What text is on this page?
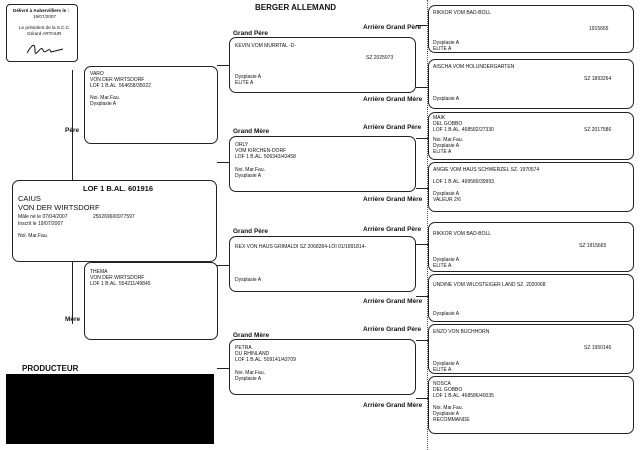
Délivré à Aubervilliers le :
19/07/2007
Le président de la S.C.C.
Gérard ARTHUR
BERGER ALLEMAND
Père
Mère
Grand Père
Grand Mère
Grand Père
Grand Mère
Arrière Grand Père
Arrière Grand Mère
Arrière Grand Père
Arrière Grand Mère
Arrière Grand Père
Arrière Grand Mère
Arrière Grand Père
Arrière Grand Mère
LOF 1 B.AL. 601916
CAIUS
VON DER WIRTSDORF
Mâle né le 07/04/2007	250269600977597
Inscrit le 19/07/2007
Noi. Mar.Fau.
VARO
VON DER WIRTSDORF
LOF 1 B.AL. 564658/35022
Noi. Mar.Fau.
Dysplasie A
THEMA
VON DER WIRTSDORF
LOF 1 B.AL. 554211/49845
KEVIN VOM MURRTAL -D-
SZ 2025973
Dysplasie A
ELITE A
ORLY
VOM KIRCHEN-DORF
LOF 1 B.AL. 506343/43458
Noi. Mar.Fau.
Dysplasie A
REX VON HAUS GRIMALDI SZ 2068284-LOI 01/1891814-
Dysplasie A
PETRA
DU RHINLAND
LOF 1 B.AL. 509141/43709
Noi. Mar.Fau.
Dysplasie A
RIKKOR VOM BAD-BOLL
1915665
Dysplasie A
ELITE A
AISCHA VOM HOLUNDERGARTEN
SZ 1893264
Dysplasie A
MAIK
DEL GOBBO
LOF 1 B.AL. 468582/27330	SZ 2017586
Noi. Mar.Fau.
Dysplasie A
ELITE A
ANGIE VOM HAUS SCHWERZEL SZ. 1970574
LOF 1 B.AL. 499589/39993
Dysplasie A
VALEUR 2/6
RIKKOR VOM BAD-BOLL
SZ 1915665
Dysplasie A
ELITE A
UNDINE VOM WILDSTEIGER LAND SZ. 2020068
Dysplasie A
ENZO VON BUCHHORN
SZ 1950146
Dysplasie A
ELITE A
NOSCA
DEL GOBBO
LOF 1 B.AL. 468586/40035
Noi. Mar.Fau.
Dysplasie A
RECOMMANDE
PRODUCTEUR
